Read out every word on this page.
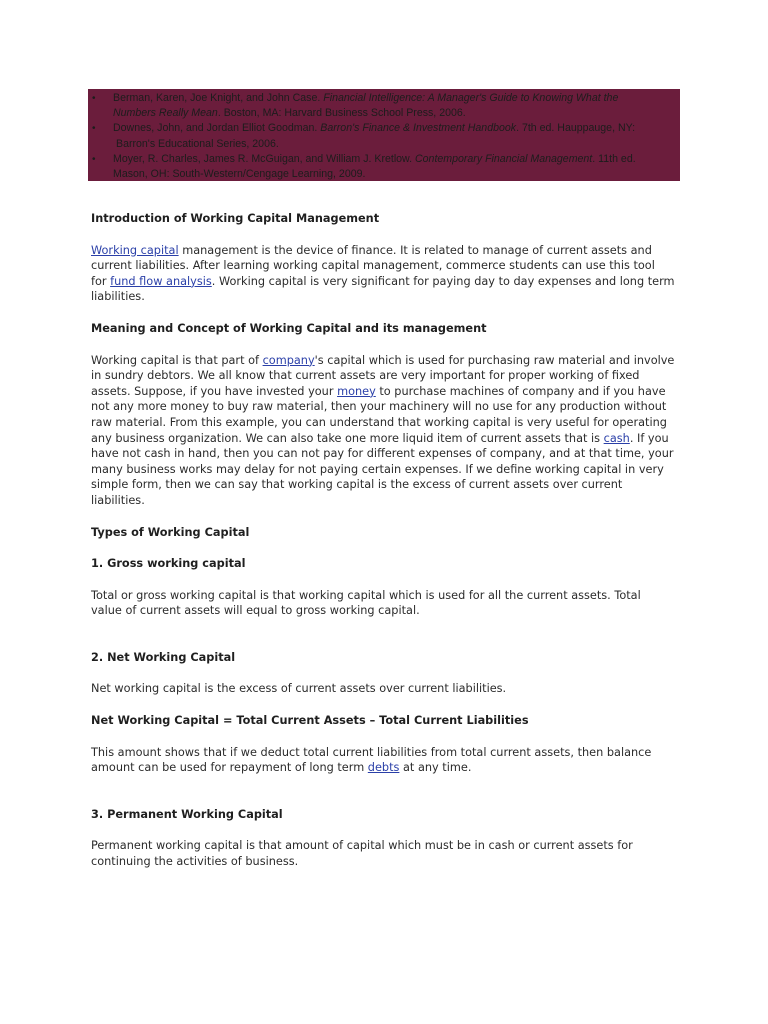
•	Berman, Karen, Joe Knight, and John Case. Financial Intelligence: A Manager's Guide to Knowing What the
Numbers Really Mean. Boston, MA: Harvard Business School Press, 2006.
•	Downes, John, and Jordan Elliot Goodman. Barron's Finance & Investment Handbook. 7th ed. Hauppauge, NY:
Barron's Educational Series, 2006.
•	Moyer, R. Charles, James R. McGuigan, and William J. Kretlow. Contemporary Financial Management. 11th ed.
Mason, OH: South-Western/Cengage Learning, 2009.
Introduction of Working Capital Management

Working capital management is the device of finance. It is related to manage of current assets and
current liabilities. After learning working capital management, commerce students can use this tool
for fund flow analysis. Working capital is very significant for paying day to day expenses and long term
liabilities.

Meaning and Concept of Working Capital and its management

Working capital is that part of company's capital which is used for purchasing raw material and involve
in sundry debtors. We all know that current assets are very important for proper working of fixed
assets. Suppose, if you have invested your money to purchase machines of company and if you have
not any more money to buy raw material, then your machinery will no use for any production without
raw material. From this example, you can understand that working capital is very useful for operating
any business organization. We can also take one more liquid item of current assets that is cash. If you
have not cash in hand, then you can not pay for different expenses of company, and at that time, your
many business works may delay for not paying certain expenses. If we define working capital in very
simple form, then we can say that working capital is the excess of current assets over current
liabilities.

Types of Working Capital
1. Gross working capital

Total or gross working capital is that working capital which is used for all the current assets. Total
value of current assets will equal to gross working capital.

2. Net Working Capital

Net working capital is the excess of current assets over current liabilities.

Net Working Capital = Total Current Assets – Total Current Liabilities

This amount shows that if we deduct total current liabilities from total current assets, then balance
amount can be used for repayment of long term debts at any time.

3. Permanent Working Capital

Permanent working capital is that amount of capital which must be in cash or current assets for
continuing the activities of business.
